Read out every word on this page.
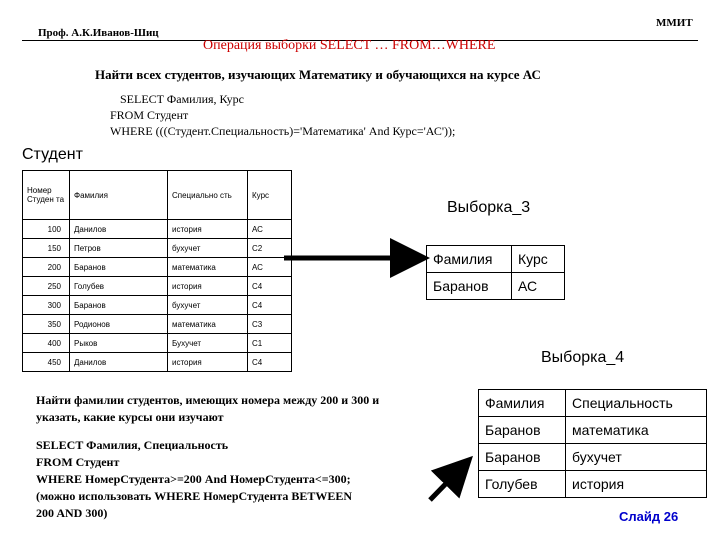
Проф. А.К.Иванов-Шиц
ММИТ
Операция выборки SELECT … FROM…WHERE
Найти всех студентов, изучающих Математику и обучающихся на курсе АС
SELECT Фамилия, Курс
FROM Студент
WHERE (((Студент.Специальность)='Математика' And Курс='АС'));
Студент
Номер Студен та	Фамилия	Специально сть	Курс
100	Данилов	история	АС
150	Петров	бухучет	С2
200	Баранов	математика	АС
250	Голубев	история	С4
300	Баранов	бухучет	С4
350	Родионов	математика	С3
400	Рыков	Бухучет	С1
450	Данилов	история	С4
Выборка_3
Фамилия	Курс
Баранов	АС
Выборка_4
Фамилия	Специальность
Баранов	математика
Баранов	бухучет
Голубев	история
Найти фамилии студентов, имеющих номера между 200 и 300 и указать, какие курсы они изучают
SELECT Фамилия, Специальность
FROM Студент
WHERE НомерСтудента>=200 And НомерСтудента<=300;
(можно использовать WHERE НомерСтудента BETWEEN
200 AND 300)	Слайд 26
